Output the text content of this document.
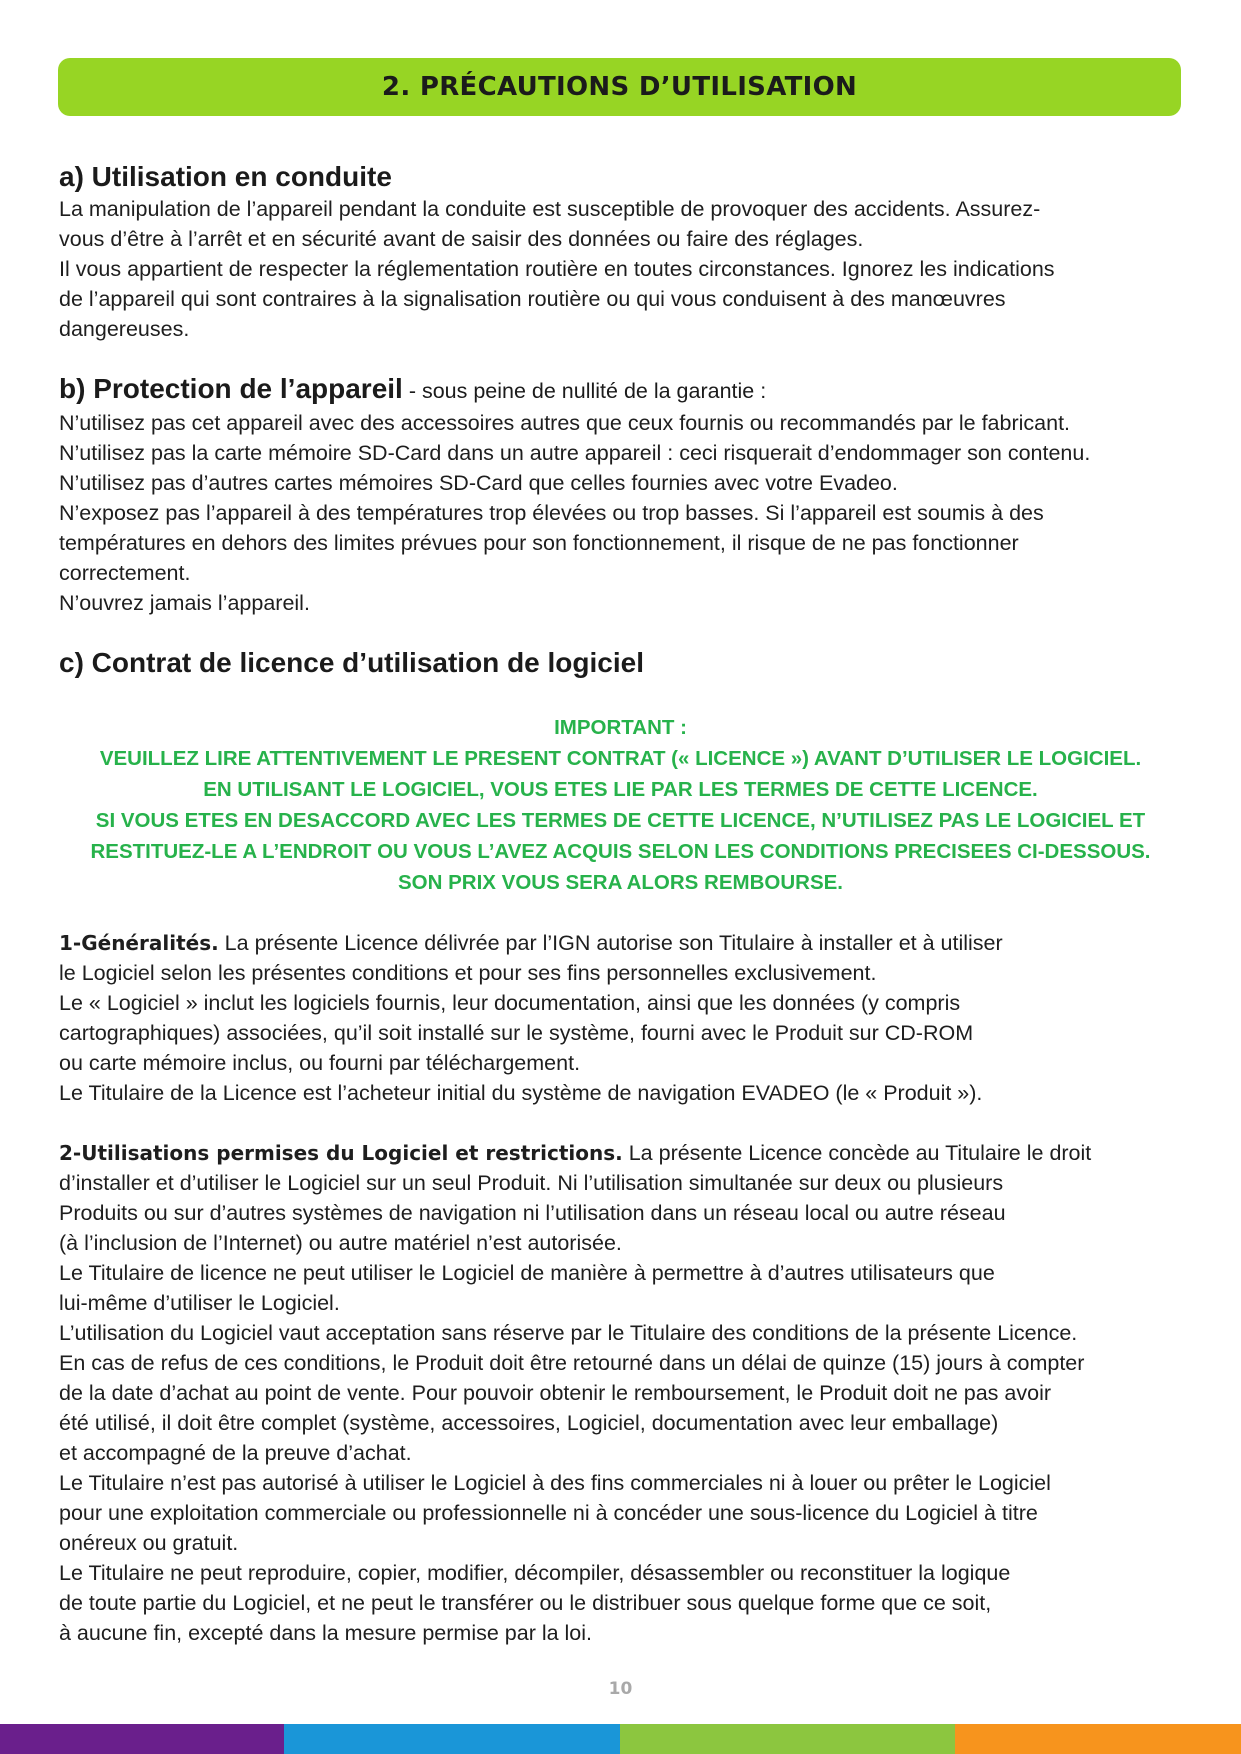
2. PRÉCAUTIONS D’UTILISATION
a) Utilisation en conduite

La manipulation de l’appareil pendant la conduite est susceptible de provoquer des accidents. Assurez-

vous d’être à l’arrêt et en sécurité avant de saisir des données ou faire des réglages.

Il vous appartient de respecter la réglementation routière en toutes circonstances. Ignorez les indications

de l’appareil qui sont contraires à la signalisation routière ou qui vous conduisent à des manœuvres

dangereuses.

b) Protection de l’appareil - sous peine de nullité de la garantie :

N’utilisez pas cet appareil avec des accessoires autres que ceux fournis ou recommandés par le fabricant.

N’utilisez pas la carte mémoire SD-Card dans un autre appareil : ceci risquerait d’endommager son contenu.

N’utilisez pas d’autres cartes mémoires SD-Card que celles fournies avec votre Evadeo.

N’exposez pas l’appareil à des températures trop élevées ou trop basses. Si l’appareil est soumis à des

températures en dehors des limites prévues pour son fonctionnement, il risque de ne pas fonctionner

correctement.

N’ouvrez jamais l’appareil.

c) Contrat de licence d’utilisation de logiciel

IMPORTANT :

VEUILLEZ LIRE ATTENTIVEMENT LE PRESENT CONTRAT (« LICENCE ») AVANT D’UTILISER LE LOGICIEL.

EN UTILISANT LE LOGICIEL, VOUS ETES LIE PAR LES TERMES DE CETTE LICENCE.

SI VOUS ETES EN DESACCORD AVEC LES TERMES DE CETTE LICENCE, N’UTILISEZ PAS LE LOGICIEL ET

RESTITUEZ-LE A L’ENDROIT OU VOUS L’AVEZ ACQUIS SELON LES CONDITIONS PRECISEES CI-DESSOUS.

SON PRIX VOUS SERA ALORS REMBOURSE.

1-Généralités. La présente Licence délivrée par l’IGN autorise son Titulaire à installer et à utiliser

le Logiciel selon les présentes conditions et pour ses fins personnelles exclusivement.

Le « Logiciel » inclut les logiciels fournis, leur documentation, ainsi que les données (y compris

cartographiques) associées, qu’il soit installé sur le système, fourni avec le Produit sur CD-ROM

ou carte mémoire inclus, ou fourni par téléchargement.

Le Titulaire de la Licence est l’acheteur initial du système de navigation EVADEO (le « Produit »).

2-Utilisations permises du Logiciel et restrictions. La présente Licence concède au Titulaire le droit

d’installer et d’utiliser le Logiciel sur un seul Produit. Ni l’utilisation simultanée sur deux ou plusieurs

Produits ou sur d’autres systèmes de navigation ni l’utilisation dans un réseau local ou autre réseau

(à l’inclusion de l’Internet) ou autre matériel n’est autorisée.

Le Titulaire de licence ne peut utiliser le Logiciel de manière à permettre à d’autres utilisateurs que

lui-même d’utiliser le Logiciel.

L’utilisation du Logiciel vaut acceptation sans réserve par le Titulaire des conditions de la présente Licence.

En cas de refus de ces conditions, le Produit doit être retourné dans un délai de quinze (15) jours à compter

de la date d’achat au point de vente. Pour pouvoir obtenir le remboursement, le Produit doit ne pas avoir

été utilisé, il doit être complet (système, accessoires, Logiciel, documentation avec leur emballage)

et accompagné de la preuve d’achat.

Le Titulaire n’est pas autorisé à utiliser le Logiciel à des fins commerciales ni à louer ou prêter le Logiciel

pour une exploitation commerciale ou professionnelle ni à concéder une sous-licence du Logiciel à titre

onéreux ou gratuit.

Le Titulaire ne peut reproduire, copier, modifier, décompiler, désassembler ou reconstituer la logique

de toute partie du Logiciel, et ne peut le transférer ou le distribuer sous quelque forme que ce soit,

à aucune fin, excepté dans la mesure permise par la loi.

10
